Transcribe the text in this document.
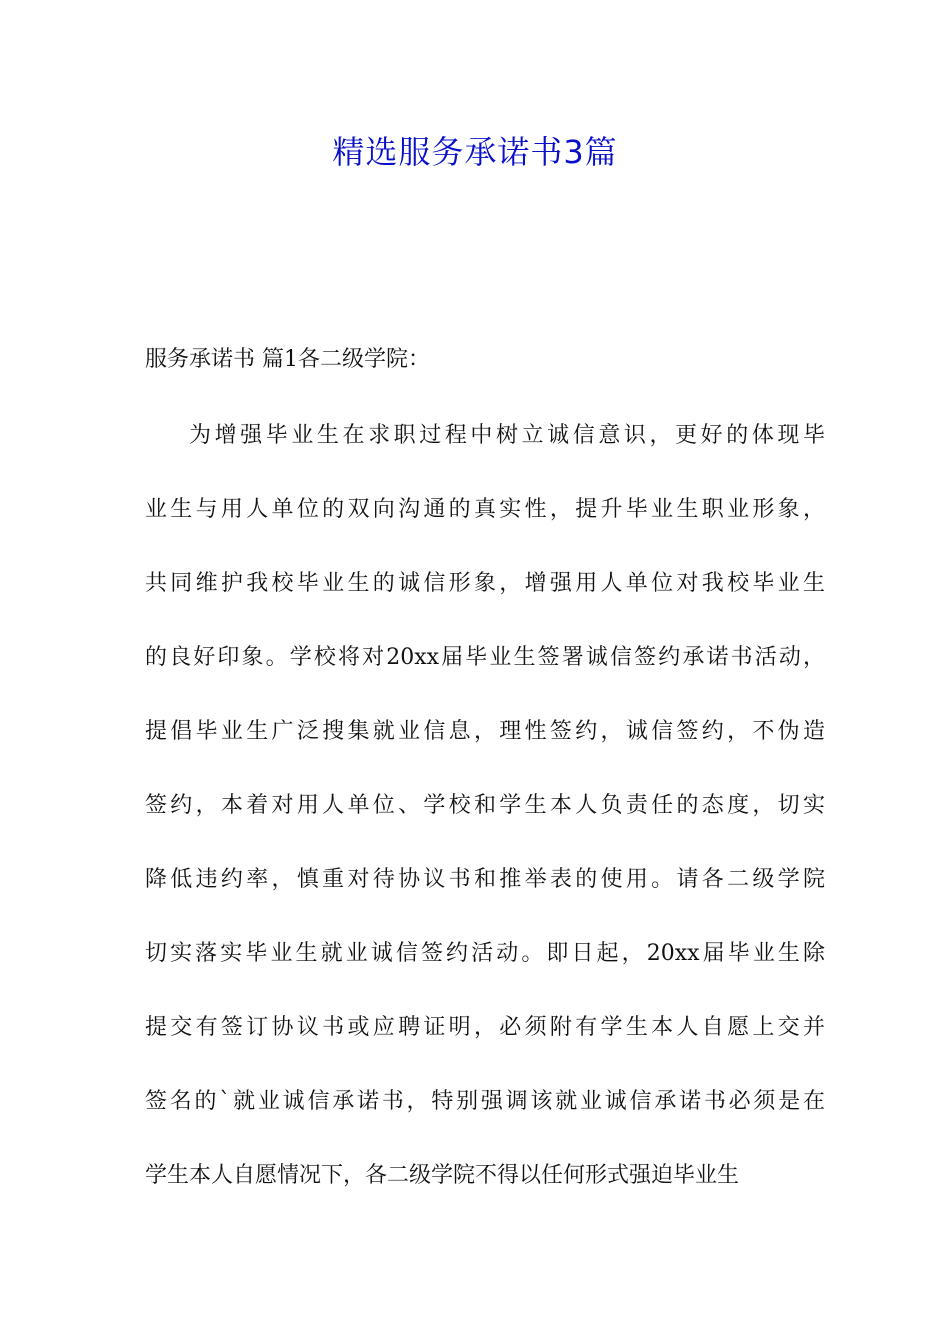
精选服务承诺书3篇
服务承诺书 篇1各二级学院：
为增强毕业生在求职过程中树立诚信意识，更好的体现毕
业生与用人单位的双向沟通的真实性，提升毕业生职业形象，
共同维护我校毕业生的诚信形象，增强用人单位对我校毕业生
的良好印象。学校将对20xx届毕业生签署诚信签约承诺书活动，
提倡毕业生广泛搜集就业信息，理性签约，诚信签约，不伪造
签约，本着对用人单位、学校和学生本人负责任的态度，切实
降低违约率，慎重对待协议书和推举表的使用。请各二级学院
切实落实毕业生就业诚信签约活动。即日起，20xx届毕业生除
提交有签订协议书或应聘证明，必须附有学生本人自愿上交并
签名的`就业诚信承诺书，特别强调该就业诚信承诺书必须是在
学生本人自愿情况下，各二级学院不得以任何形式强迫毕业生
